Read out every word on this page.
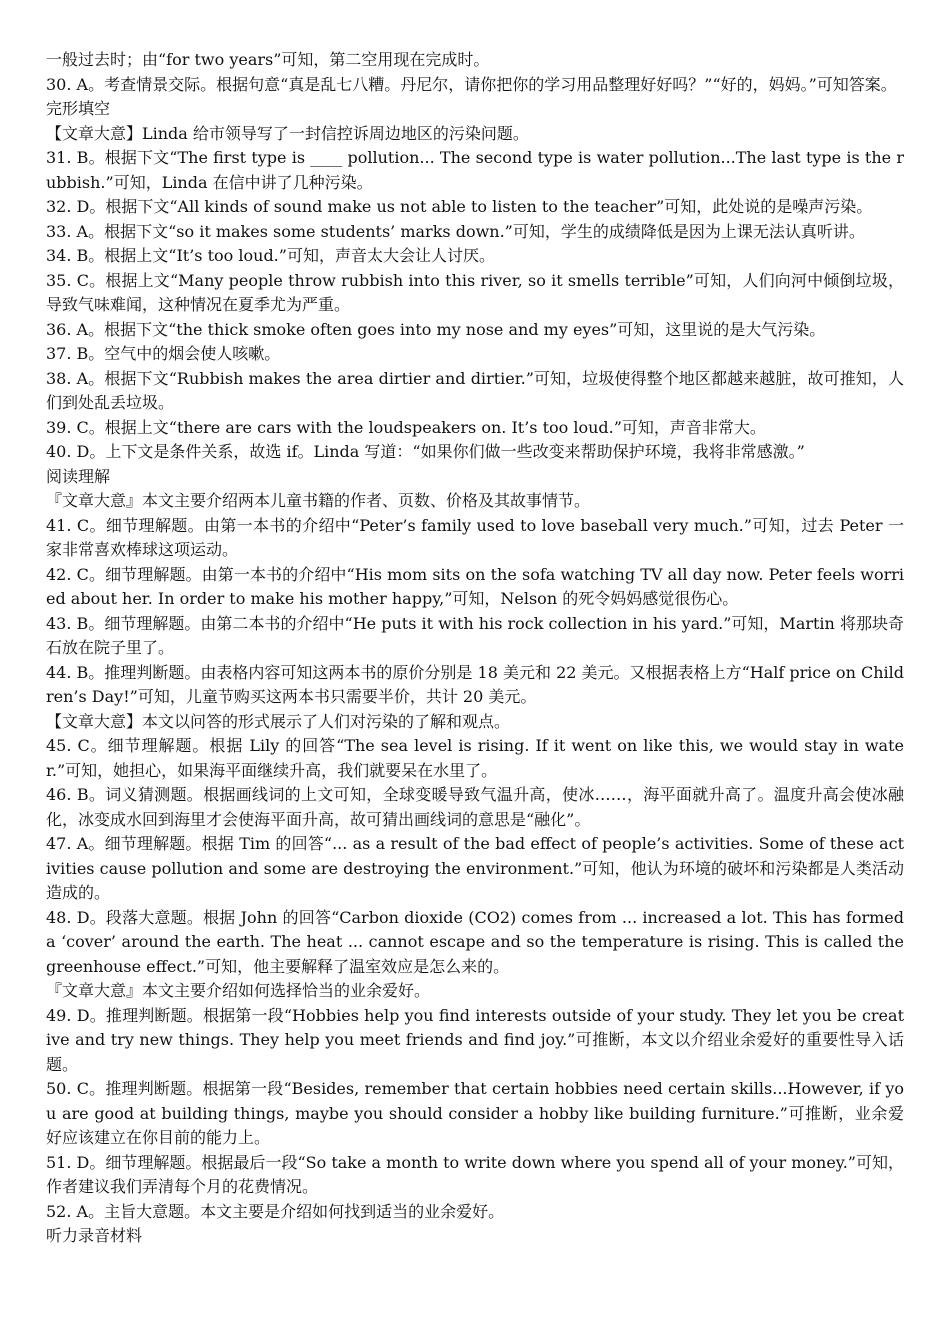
一般过去时；由“for two years”可知，第二空用现在完成时。
30. A。考查情景交际。根据句意“真是乱七八糟。丹尼尔，请你把你的学习用品整理好好吗？”“好的，妈妈。”可知答案。
完形填空
【文章大意】Linda 给市领导写了一封信控诉周边地区的污染问题。
31. B。根据下文“The first type is ____ pollution... The second type is water pollution...The last type is the rubbish.”可知，Linda 在信中讲了几种污染。
32. D。根据下文“All kinds of sound make us not able to listen to the teacher”可知，此处说的是噪声污染。
33. A。根据下文“so it makes some students’ marks down.”可知，学生的成绩降低是因为上课无法认真听讲。
34. B。根据上文“It’s too loud.”可知，声音太大会让人讨厌。
35. C。根据上文“Many people throw rubbish into this river, so it smells terrible”可知，人们向河中倾倒垃圾，导致气味难闻，这种情况在夏季尤为严重。
36. A。根据下文“the thick smoke often goes into my nose and my eyes”可知，这里说的是大气污染。
37. B。空气中的烟会使人咳嗽。
38. A。根据下文“Rubbish makes the area dirtier and dirtier.”可知，垃圾使得整个地区都越来越脏，故可推知，人们到处乱丢垃圾。
39. C。根据上文“there are cars with the loudspeakers on. It’s too loud.”可知，声音非常大。
40. D。上下文是条件关系，故选 if。Linda 写道：“如果你们做一些改变来帮助保护环境，我将非常感激。”
阅读理解
『文章大意』本文主要介绍两本儿童书籍的作者、页数、价格及其故事情节。
41. C。细节理解题。由第一本书的介绍中“Peter’s family used to love baseball very much.”可知，过去 Peter 一家非常喜欢棒球这项运动。
42. C。细节理解题。由第一本书的介绍中“His mom sits on the sofa watching TV all day now. Peter feels worried about her. In order to make his mother happy,”可知，Nelson 的死令妈妈感觉很伤心。
43. B。细节理解题。由第二本书的介绍中“He puts it with his rock collection in his yard.”可知，Martin 将那块奇石放在院子里了。
44. B。推理判断题。由表格内容可知这两本书的原价分别是 18 美元和 22 美元。又根据表格上方“Half price on Children’s Day!”可知，儿童节购买这两本书只需要半价，共计 20 美元。
【文章大意】本文以问答的形式展示了人们对污染的了解和观点。
45. C。细节理解题。根据 Lily 的回答“The sea level is rising. If it went on like this, we would stay in water.”可知，她担心，如果海平面继续升高，我们就要呆在水里了。
46. B。词义猜测题。根据画线词的上文可知，全球变暖导致气温升高，使冰……，海平面就升高了。温度升高会使冰融化，冰变成水回到海里才会使海平面升高，故可猜出画线词的意思是“融化”。
47. A。细节理解题。根据 Tim 的回答“... as a result of the bad effect of people’s activities. Some of these activities cause pollution and some are destroying the environment.”可知，他认为环境的破坏和污染都是人类活动造成的。
48. D。段落大意题。根据 John 的回答“Carbon dioxide (CO2) comes from ... increased a lot. This has formed a ‘cover’ around the earth. The heat ... cannot escape and so the temperature is rising. This is called the greenhouse effect.”可知，他主要解释了温室效应是怎么来的。
『文章大意』本文主要介绍如何选择恰当的业余爱好。
49. D。推理判断题。根据第一段“Hobbies help you find interests outside of your study. They let you be creative and try new things. They help you meet friends and find joy.”可推断，本文以介绍业余爱好的重要性导入话题。
50. C。推理判断题。根据第一段“Besides, remember that certain hobbies need certain skills...However, if you are good at building things, maybe you should consider a hobby like building furniture.”可推断，业余爱好应该建立在你目前的能力上。
51. D。细节理解题。根据最后一段“So take a month to write down where you spend all of your money.”可知，作者建议我们弄清每个月的花费情况。
52. A。主旨大意题。本文主要是介绍如何找到适当的业余爱好。
听力录音材料
